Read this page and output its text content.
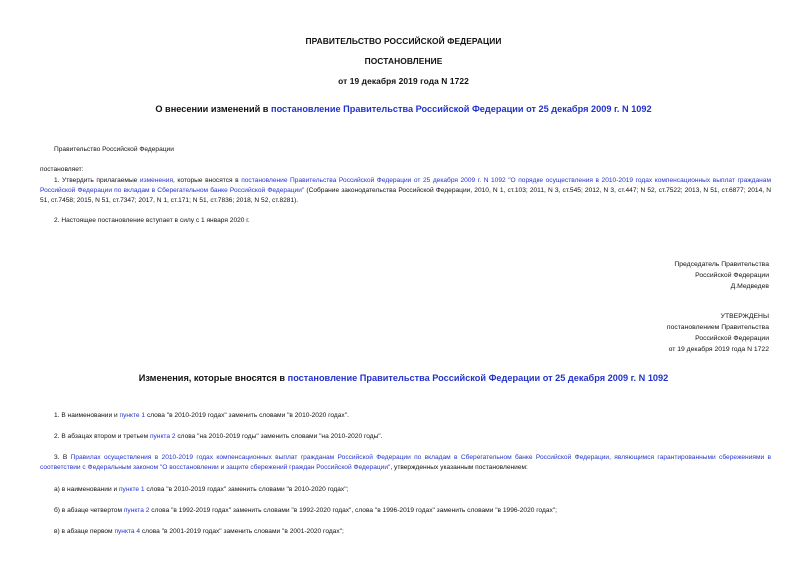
ПРАВИТЕЛЬСТВО РОССИЙСКОЙ ФЕДЕРАЦИИ
ПОСТАНОВЛЕНИЕ
от 19 декабря 2019 года N 1722
О внесении изменений в постановление Правительства Российской Федерации от 25 декабря 2009 г. N 1092
Правительство Российской Федерации
постановляет:
1. Утвердить прилагаемые изменения, которые вносятся в постановление Правительства Российской Федерации от 25 декабря 2009 г. N 1092 "О порядке осуществления в 2010-2019 годах компенсационных выплат гражданам Российской Федерации по вкладам в Сберегательном банке Российской Федерации" (Собрание законодательства Российской Федерации, 2010, N 1, ст.103; 2011, N 3, ст.545; 2012, N 3, ст.447; N 52, ст.7522; 2013, N 51, ст.6877; 2014, N 51, ст.7458; 2015, N 51, ст.7347; 2017, N 1, ст.171; N 51, ст.7836; 2018, N 52, ст.8281).
2. Настоящее постановление вступает в силу с 1 января 2020 г.
Председатель Правительства
Российской Федерации
Д.Медведев
УТВЕРЖДЕНЫ
постановлением Правительства
Российской Федерации
от 19 декабря 2019 года N 1722
Изменения, которые вносятся в постановление Правительства Российской Федерации от 25 декабря 2009 г. N 1092
1. В наименовании и пункте 1 слова "в 2010-2019 годах" заменить словами "в 2010-2020 годах".
2. В абзацах втором и третьем пункта 2 слова "на 2010-2019 годы" заменить словами "на 2010-2020 годы".
3. В Правилах осуществления в 2010-2019 годах компенсационных выплат гражданам Российской Федерации по вкладам в Сберегательном банке Российской Федерации, являющимся гарантированными сбережениями в соответствии с Федеральным законом "О восстановлении и защите сбережений граждан Российской Федерации", утвержденных указанным постановлением:
а) в наименовании и пункте 1 слова "в 2010-2019 годах" заменить словами "в 2010-2020 годах";
б) в абзаце четвертом пункта 2 слова "в 1992-2019 годах" заменить словами "в 1992-2020 годах", слова "в 1996-2019 годах" заменить словами "в 1996-2020 годах";
в) в абзаце первом пункта 4 слова "в 2001-2019 годах" заменить словами "в 2001-2020 годах";
